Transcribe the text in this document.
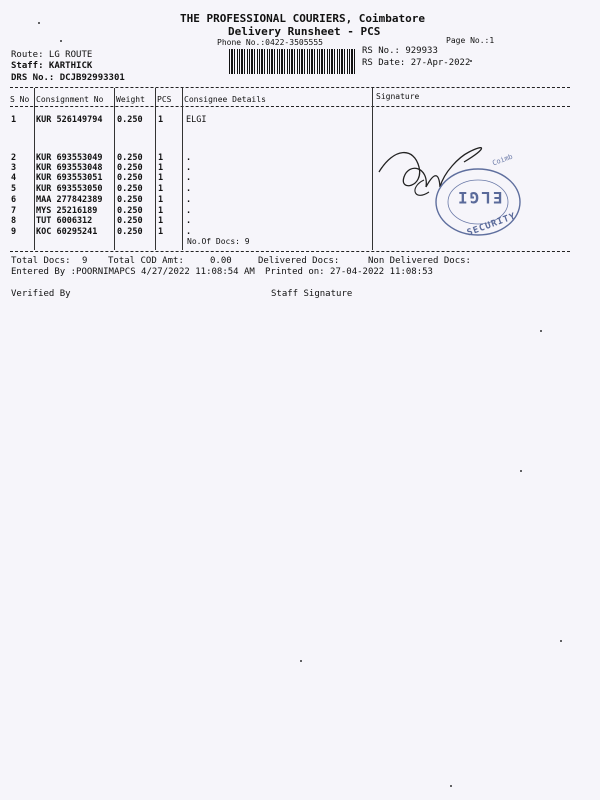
THE PROFESSIONAL COURIERS, Coimbatore
Delivery Runsheet - PCS
Phone No.:0422-3505555	Page No.:1
Route: LG ROUTE
Staff: KARTHICK
DRS No.: DCJB92993301
RS No.: 929933
RS Date: 27-Apr-2022
S No Consignment No Weight PCS Consignee Details	Signature
1 KUR 526149794 0.250 1	ELGI
2 KUR 693553049 0.250 1	.
3 KUR 693553048 0.250 1	.
4 KUR 693553051 0.250 1	.
5 KUR 693553050 0.250 1	.
6 MAA 277842389 0.250 1	.
7 MYS 25216189 0.250 1	.
8 TUT 6006312	0.250 1	.
9 KOC 60295241 0.250 1	.
No.Of Docs: 9
ELGI
SECURITY
Coimb
Total Docs: 9 Total COD Amt:	0.00	Delivered Docs:	Non Delivered Docs:
Entered By :POORNIMAPCS 4/27/2022 11:08:54 AM Printed on: 27-04-2022 11:08:53
Verified By	Staff Signature
